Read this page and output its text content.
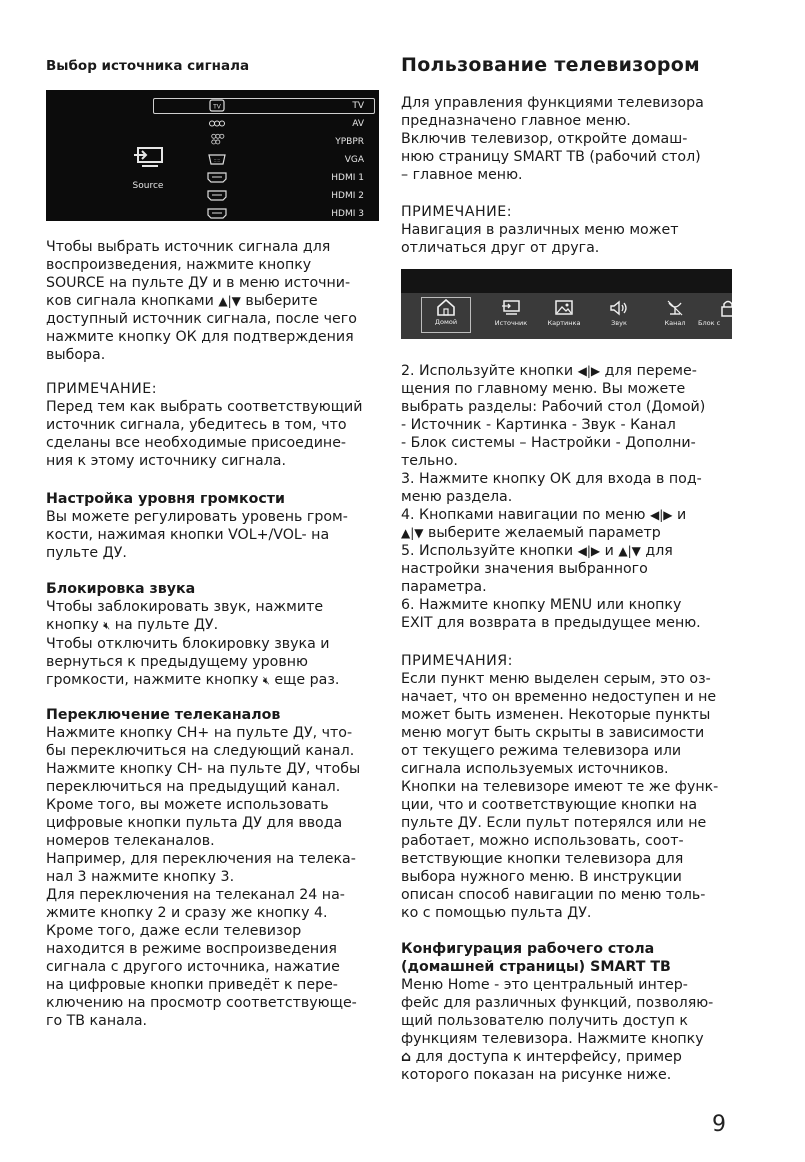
Выбор источника сигнала
Source
TV	TV
AV
YPBPR
:::::	VGA
HDMI 1
HDMI 2
HDMI 3

Чтобы выбрать источник сигнала для

воспроизведения, нажмите кнопку

SOURCE на пульте ДУ и в меню источни-

ков сигнала кнопками ▲|▼ выберите

доступный источник сигнала, после чего

нажмите кнопку ОК для подтверждения

выбора.

ПРИМЕЧАНИЕ:

Перед тем как выбрать соответствующий

источник сигнала, убедитесь в том, что

сделаны все необходимые присоедине-

ния к этому источнику сигнала.

Настройка уровня громкости

Вы можете регулировать уровень гром-

кости, нажимая кнопки VOL+/VOL- на

пульте ДУ.

Блокировка звука

Чтобы заблокировать звук, нажмите

кнопку 🔇︎ на пульте ДУ.

Чтобы отключить блокировку звука и

вернуться к предыдущему уровню

громкости, нажмите кнопку 🔇︎ еще раз.

Переключение телеканалов

Нажмите кнопку СН+ на пульте ДУ, что-

бы переключиться на следующий канал.

Нажмите кнопку СН- на пульте ДУ, чтобы

переключиться на предыдущий канал.

Кроме того, вы можете использовать

цифровые кнопки пульта ДУ для ввода

номеров телеканалов.

Например, для переключения на телека-

нал 3 нажмите кнопку 3.

Для переключения на телеканал 24 на-

жмите кнопку 2 и сразу же кнопку 4.

Кроме того, даже если телевизор

находится в режиме воспроизведения

сигнала с другого источника, нажатие

на цифровые кнопки приведёт к пере-

ключению на просмотр соответствующе-

го ТВ канала.

Пользование телевизором

Для управления функциями телевизора

предназначено главное меню.

Включив телевизор, откройте домаш-

нюю страницу SMART TB (рабочий стол)

– главное меню.

ПРИМЕЧАНИЕ:

Навигация в различных меню может

отличаться друг от друга.

Домой	Источник	Картинка	Звук	Канал	Блок с

2. Используйте кнопки ◀|▶ для переме-

щения по главному меню. Вы можете

выбрать разделы: Рабочий стол (Домой)

- Источник - Картинка - Звук - Канал

- Блок системы – Настройки - Дополни-

тельно.

3. Нажмите кнопку ОК для входа в под-

меню раздела.

4. Кнопками навигации по меню ◀|▶ и

▲|▼ выберите желаемый параметр

5. Используйте кнопки ◀|▶ и ▲|▼ для

настройки значения выбранного

параметра.

6. Нажмите кнопку MENU или кнопку

EXIT для возврата в предыдущее меню.

ПРИМЕЧАНИЯ:

Если пункт меню выделен серым, это оз-

начает, что он временно недоступен и не

может быть изменен. Некоторые пункты

меню могут быть скрыты в зависимости

от текущего режима телевизора или

сигнала используемых источников.

Кнопки на телевизоре имеют те же функ-

ции, что и соответствующие кнопки на

пульте ДУ. Если пульт потерялся или не

работает, можно использовать, соот-

ветствующие кнопки телевизора для

выбора нужного меню. В инструкции

описан способ навигации по меню толь-

ко с помощью пульта ДУ.

Конфигурация рабочего стола

(домашней страницы) SMART TB

Меню Home - это центральный интер-

фейс для различных функций, позволяю-

щий пользователю получить доступ к

функциям телевизора. Нажмите кнопку

⌂ для доступа к интерфейсу, пример

которого показан на рисунке ниже.

9
